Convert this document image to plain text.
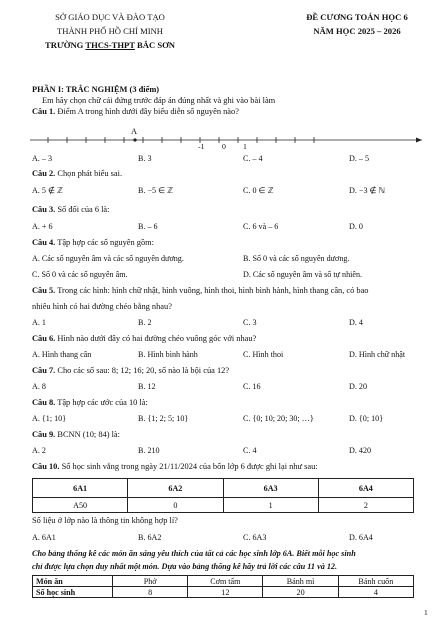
SỞ GIÁO DỤC VÀ ĐÀO TẠO
THÀNH PHỐ HỒ CHÍ MINH
TRƯỜNG THCS-THPT BẮC SƠN
ĐỀ CƯƠNG TOÁN HỌC 6
NĂM HỌC 2025 – 2026
PHẦN I: TRẮC NGHIỆM (3 điểm)
Em hãy chọn chữ cái đứng trước đáp án đúng nhất và ghi vào bài làm
Câu 1. Điểm A trong hình dưới đây biểu diễn số nguyên nào?
A
-1 0 1
A. – 3	B. 3	C. – 4	D. – 5
Câu 2. Chọn phát biểu sai.
A. 5 ∉ ℤ	B. −5 ∈ ℤ	C. 0 ∈ ℤ	D. −3 ∉ ℕ
Câu 3. Số đối của 6 là:
A. + 6	B. – 6	C. 6 và – 6	D. 0
Câu 4. Tập hợp các số nguyên gồm:
A. Các số nguyên âm và các số nguyên dương.	B. Số 0 và các số nguyên dương.
C. Số 0 và các số nguyên âm.	D. Các số nguyên âm và số tự nhiên.
Câu 5. Trong các hình: hình chữ nhật, hình vuông, hình thoi, hình bình hành, hình thang cân, có bao
nhiêu hình có hai đường chéo bằng nhau?
A. 1	B. 2	C. 3	D. 4
Câu 6. Hình nào dưới đây có hai đường chéo vuông góc với nhau?
A. Hình thang cân	B. Hình bình hành	C. Hình thoi	D. Hình chữ nhật
Câu 7. Cho các số sau: 8; 12; 16; 20, số nào là bội của 12?
A. 8	B. 12	C. 16	D. 20
Câu 8. Tập hợp các ước của 10 là:
A. {1; 10}	B. {1; 2; 5; 10}	C. {0; 10; 20; 30; …}	D. {0; 10}
Câu 9. BCNN (10; 84) là:
A. 2	B. 210	C. 4	D. 420
Câu 10. Số học sinh vắng trong ngày 21/11/2024 của bốn lớp 6 được ghi lại như sau:
6A1	6A2	6A3	6A4
A50	0	1	2
Số liệu ở lớp nào là thông tin không hợp lí?
A. 6A1	B. 6A2	C. 6A3	D. 6A4
Cho bảng thống kê các món ăn sáng yêu thích của tất cả các học sinh lớp 6A. Biết mỗi học sinh
chỉ được lựa chọn duy nhất một món. Dựa vào bảng thống kê hãy trả lời các câu 11 và 12.
Món ăn	Phở	Cơm tấm	Bánh mì	Bánh cuốn
Số học sinh	8	12	20	4
1
